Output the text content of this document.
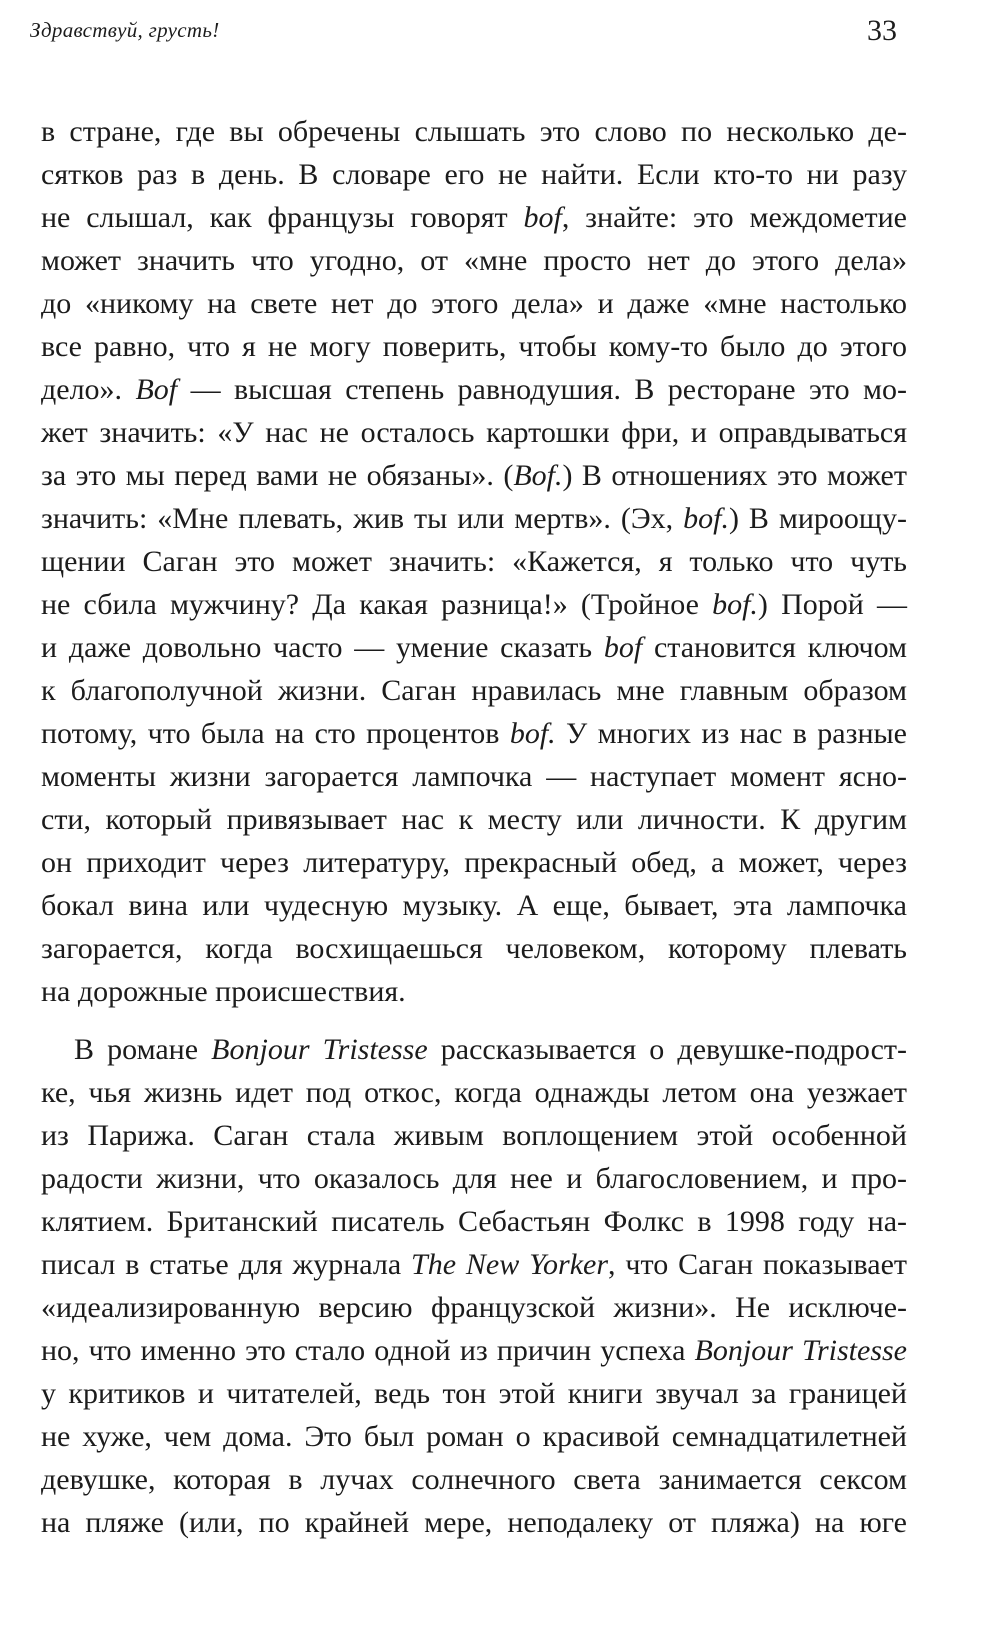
Здравствуй, грусть!	33
в стране, где вы обречены слышать это слово по несколько де-
сятков раз в день. В словаре его не найти. Если кто-то ни разу
не слышал, как французы говорят bof, знайте: это междометие
может значить что угодно, от «мне просто нет до этого дела»
до «никому на свете нет до этого дела» и даже «мне настолько
все равно, что я не могу поверить, чтобы кому-то было до этого
дело». Bof — высшая степень равнодушия. В ресторане это мо-
жет значить: «У нас не осталось картошки фри, и оправдываться
за это мы перед вами не обязаны». (Bof.) В отношениях это может
значить: «Мне плевать, жив ты или мертв». (Эх, bof.) В мироощу-
щении Саган это может значить: «Кажется, я только что чуть
не сбила мужчину? Да какая разница!» (Тройное bof.) Порой —
и даже довольно часто — умение сказать bof становится ключом
к благополучной жизни. Саган нравилась мне главным образом
потому, что была на сто процентов bof. У многих из нас в разные
моменты жизни загорается лампочка — наступает момент ясно-
сти, который привязывает нас к месту или личности. К другим
он приходит через литературу, прекрасный обед, а может, через
бокал вина или чудесную музыку. А еще, бывает, эта лампочка
загорается, когда восхищаешься человеком, которому плевать
на дорожные происшествия.
В романе Bonjour Tristesse рассказывается о девушке-подрост-
ке, чья жизнь идет под откос, когда однажды летом она уезжает
из Парижа. Саган стала живым воплощением этой особенной
радости жизни, что оказалось для нее и благословением, и про-
клятием. Британский писатель Себастьян Фолкс в 1998 году на-
писал в статье для журнала The New Yorker, что Саган показывает
«идеализированную версию французской жизни». Не исключе-
но, что именно это стало одной из причин успеха Bonjour Tristesse
у критиков и читателей, ведь тон этой книги звучал за границей
не хуже, чем дома. Это был роман о красивой семнадцатилетней
девушке, которая в лучах солнечного света занимается сексом
на пляже (или, по крайней мере, неподалеку от пляжа) на юге
